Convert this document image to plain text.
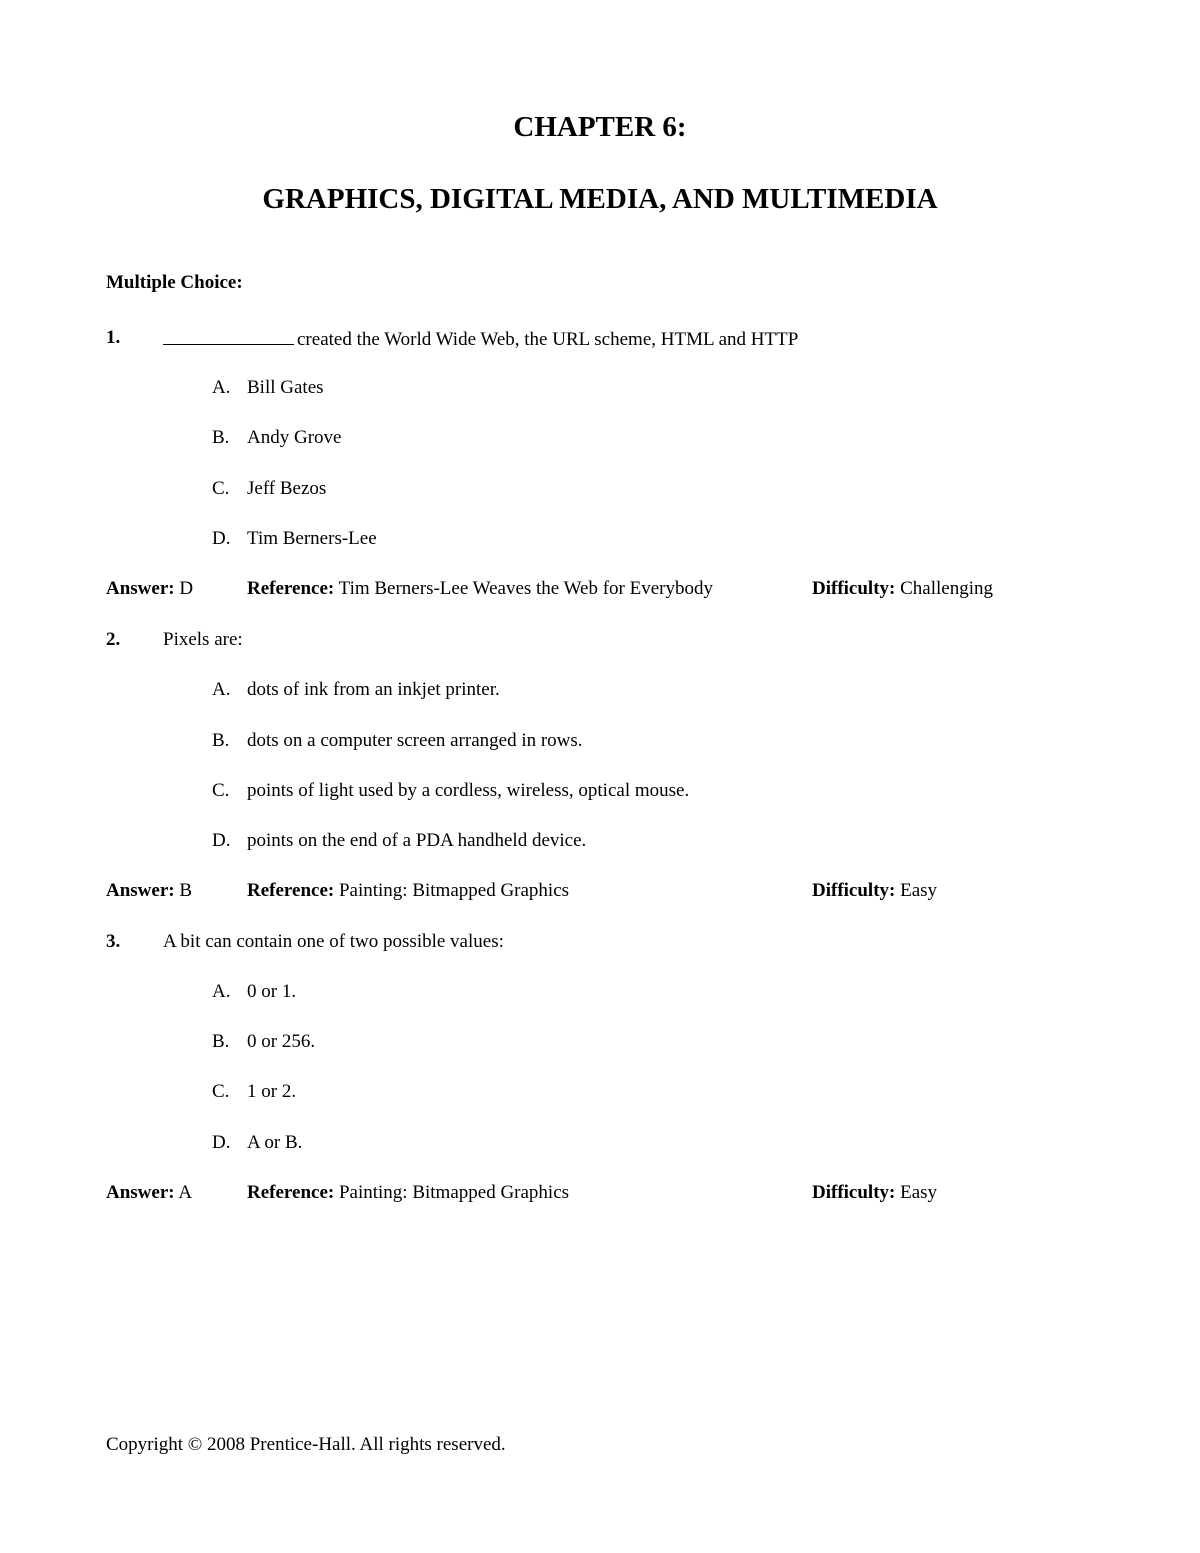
CHAPTER 6:
GRAPHICS, DIGITAL MEDIA, AND MULTIMEDIA
Multiple Choice:
1.	created the World Wide Web, the URL scheme, HTML and HTTP
A. Bill Gates
B. Andy Grove
C. Jeff Bezos
D. Tim Berners-Lee
Answer: D	Reference: Tim Berners-Lee Weaves the Web for Everybody	Difficulty: Challenging
2. Pixels are:
A. dots of ink from an inkjet printer.
B. dots on a computer screen arranged in rows.
C. points of light used by a cordless, wireless, optical mouse.
D. points on the end of a PDA handheld device.
Answer: B	Reference: Painting: Bitmapped Graphics	Difficulty: Easy
3. A bit can contain one of two possible values:
A. 0 or 1.
B. 0 or 256.
C. 1 or 2.
D. A or B.
Answer: A	Reference: Painting: Bitmapped Graphics	Difficulty: Easy
Copyright © 2008 Prentice-Hall. All rights reserved.
